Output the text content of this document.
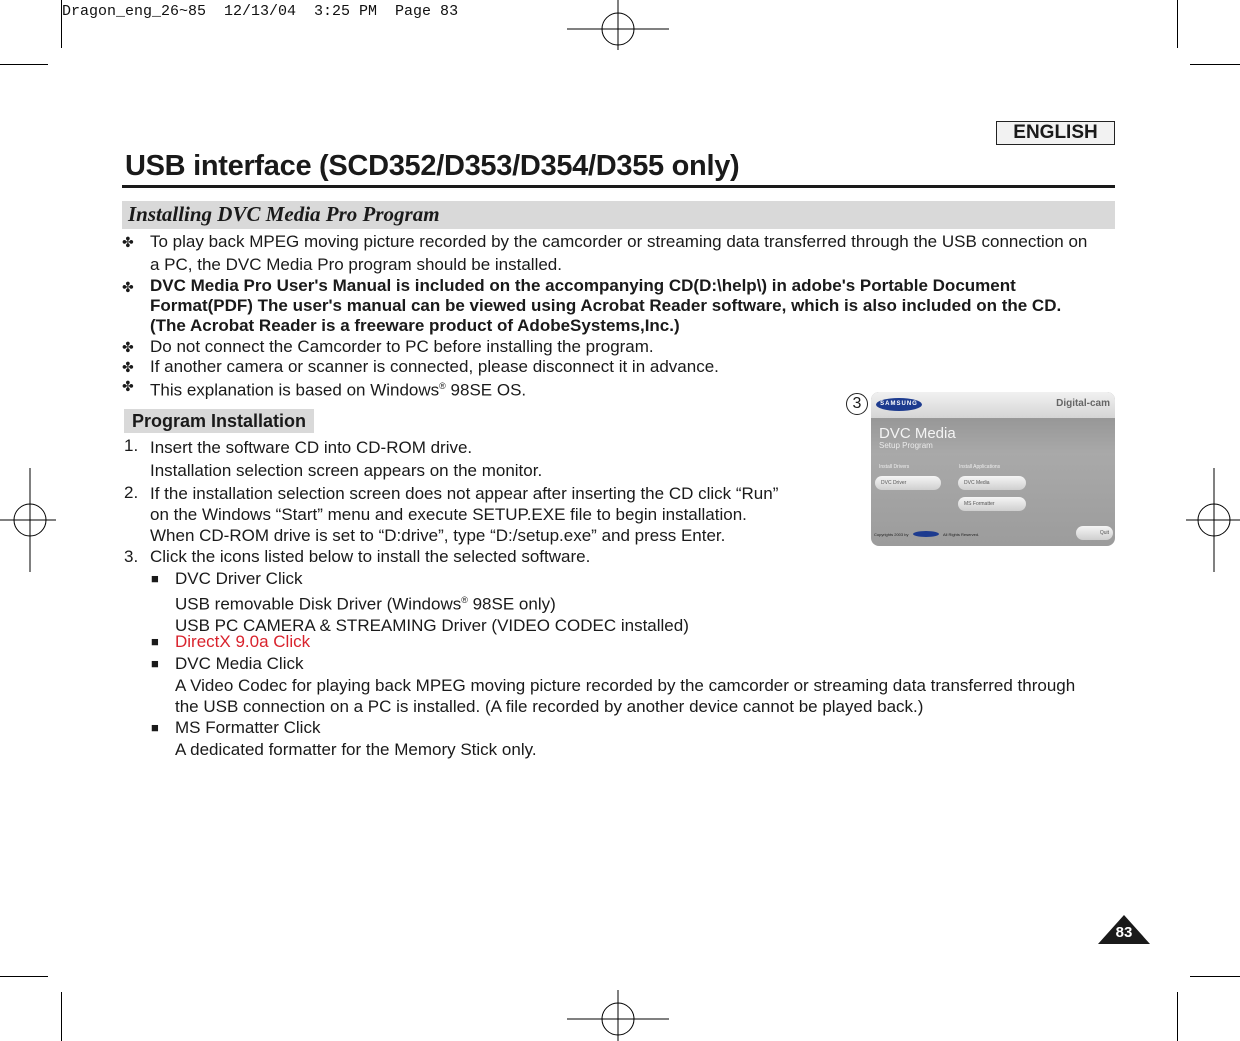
Dragon_eng_26~85  12/13/04  3:25 PM  Page 83
ENGLISH
USB interface (SCD352/D353/D354/D355 only)
Installing DVC Media Pro Program
✤ To play back MPEG moving picture recorded by the camcorder or streaming data transferred through the USB connection on
a PC, the DVC Media Pro program should be installed.
✤ DVC Media Pro User's Manual is included on the accompanying CD(D:\help\) in adobe's Portable Document
Format(PDF) The user's manual can be viewed using Acrobat Reader software, which is also included on the CD.
(The Acrobat Reader is a freeware product of AdobeSystems,Inc.)
✤ Do not connect the Camcorder to PC before installing the program.
✤ If another camera or scanner is connected, please disconnect it in advance.
✤ This explanation is based on Windows® 98SE OS.
Program Installation
1. Insert the software CD into CD-ROM drive.
Installation selection screen appears on the monitor.
2. If the installation selection screen does not appear after inserting the CD click “Run”
on the Windows “Start” menu and execute SETUP.EXE file to begin installation.
When CD-ROM drive is set to “D:drive”, type “D:/setup.exe” and press Enter.
3. Click the icons listed below to install the selected software.
■ DVC Driver Click
USB removable Disk Driver (Windows® 98SE only)
USB PC CAMERA & STREAMING Driver (VIDEO CODEC installed)
■ DirectX 9.0a Click
■ DVC Media Click
A Video Codec for playing back MPEG moving picture recorded by the camcorder or streaming data transferred through
the USB connection on a PC is installed. (A file recorded by another device cannot be played back.)
■ MS Formatter Click
A dedicated formatter for the Memory Stick only.
3	SAMSUNG	Digital-cam
DVC Media
Setup Program
Install Drivers	Install Applications
DVC Driver	DVC Media
MS Formatter
Quit
Copyrights 2003 by	All Rights Reserved.
83
